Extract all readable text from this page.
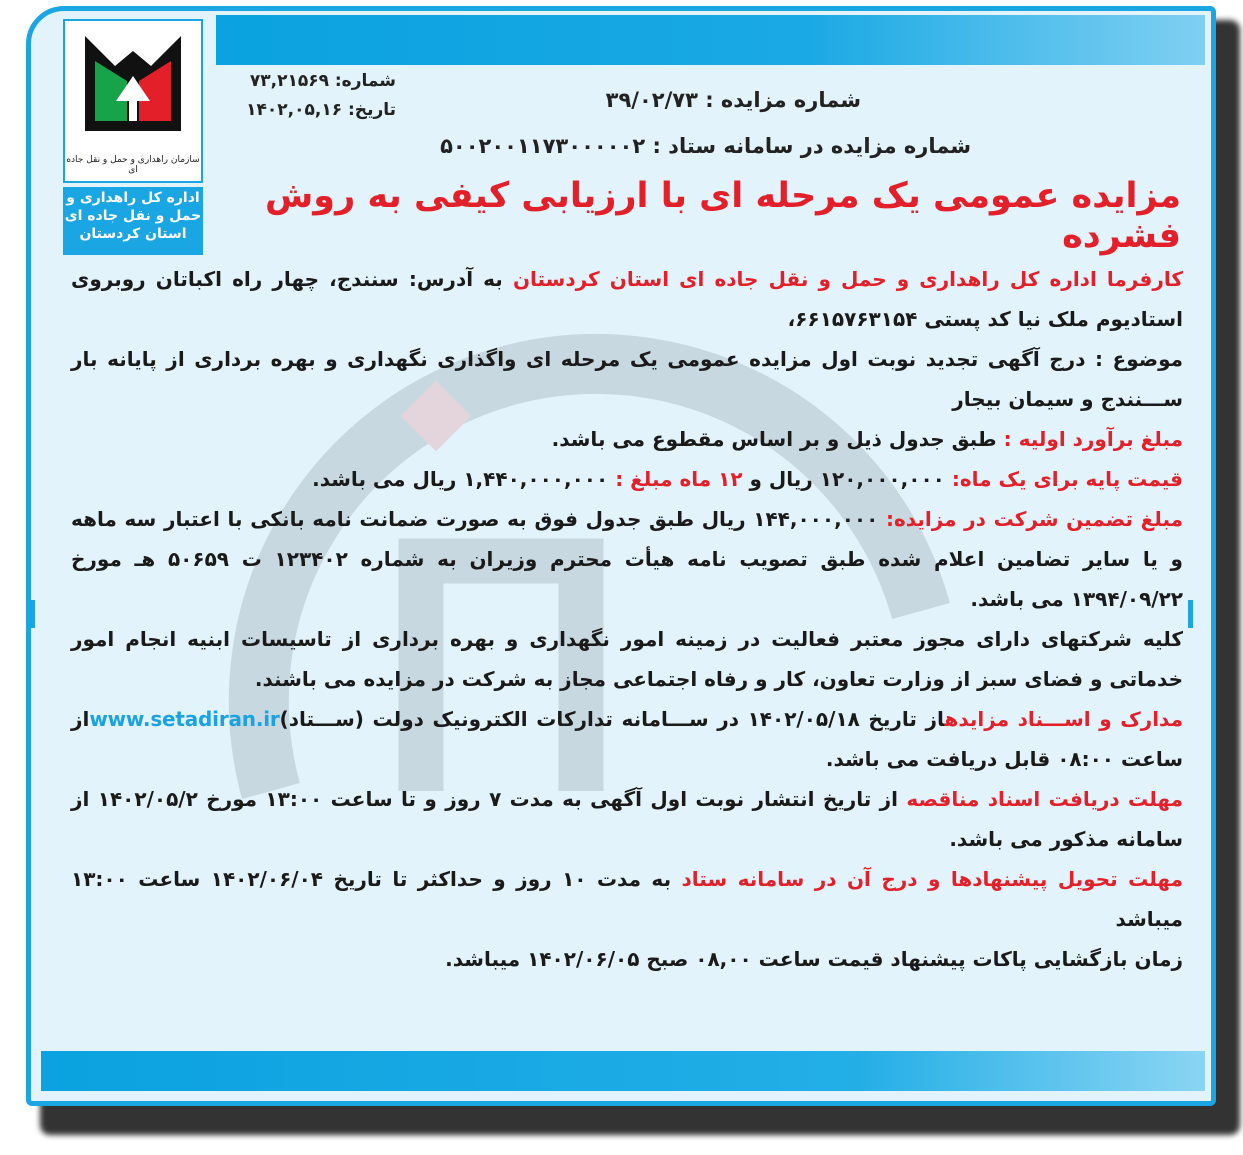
سازمان راهداری و حمل و نقل جاده ای
اداره کل راهداری و حمل و نقل جاده ای استان کردستان
شماره: ۷۳,۲۱۵۶۹
تاریخ: ۱۴۰۲,۰۵,۱۶	شماره مزایده : ۳۹/۰۲/۷۳
شماره مزایده در سامانه ستاد : ۵۰۰۲۰۰۱۱۷۳۰۰۰۰۰۲
مزایده عمومی یک مرحله ای با ارزیابی کیفی به روش فشرده

کارفرما اداره کل راهداری و حمل و نقل جاده ای استان کردستان به آدرس: سنندج، چهار راه اکباتان روبروی استادیوم ملک نیا کد پستی ۶۶۱۵۷۶۳۱۵۴،

موضوع : درج آگهی تجدید نوبت اول مزایده عمومی یک مرحله ای واگذاری نگهداری و بهره برداری از پایانه بار ســـنندج و سیمان بیجار

مبلغ برآورد اولیه : طبق جدول ذیل و بر اساس مقطوع می باشد.

قیمت پایه برای یک ماه: ۱۲۰,۰۰۰,۰۰۰ ریال و ۱۲ ماه مبلغ : ۱,۴۴۰,۰۰۰,۰۰۰ ریال می باشد.

مبلغ تضمین شرکت در مزایده: ۱۴۴,۰۰۰,۰۰۰ ریال طبق جدول فوق به صورت ضمانت نامه بانکی با اعتبار سه ماهه و یا سایر تضامین اعلام شده طبق تصویب نامه هیأت محترم وزیران به شماره ۱۲۳۴۰۲ ت ۵۰۶۵۹ هـ مورخ ۱۳۹۴/۰۹/۲۲ می باشد.

کلیه شرکتهای دارای مجوز معتبر فعالیت در زمینه امور نگهداری و بهره برداری از تاسیسات ابنیه انجام امور خدماتی و فضای سبز از وزارت تعاون، کار و رفاه اجتماعی مجاز به شرکت در مزایده می باشند.

مدارک و اســـناد مزایدهاز تاریخ ۱۴۰۲/۰۵/۱۸ در ســـامانه تدارکات الکترونیک دولت (ســـتاد)www.setadiran.irاز ساعت ۰۸:۰۰ قابل دریافت می باشد.

مهلت دریافت اسناد مناقصه از تاریخ انتشار نوبت اول آگهی به مدت ۷ روز و تا ساعت ۱۳:۰۰ مورخ ۱۴۰۲/۰۵/۲ از سامانه مذکور می باشد.

مهلت تحویل پیشنهادها و درج آن در سامانه ستاد به مدت ۱۰ روز و حداکثر تا تاریخ ۱۴۰۲/۰۶/۰۴ ساعت ۱۳:۰۰ میباشد

زمان بازگشایی پاکات پیشنهاد قیمت ساعت ۰۸,۰۰ صبح ۱۴۰۲/۰۶/۰۵ میباشد.
